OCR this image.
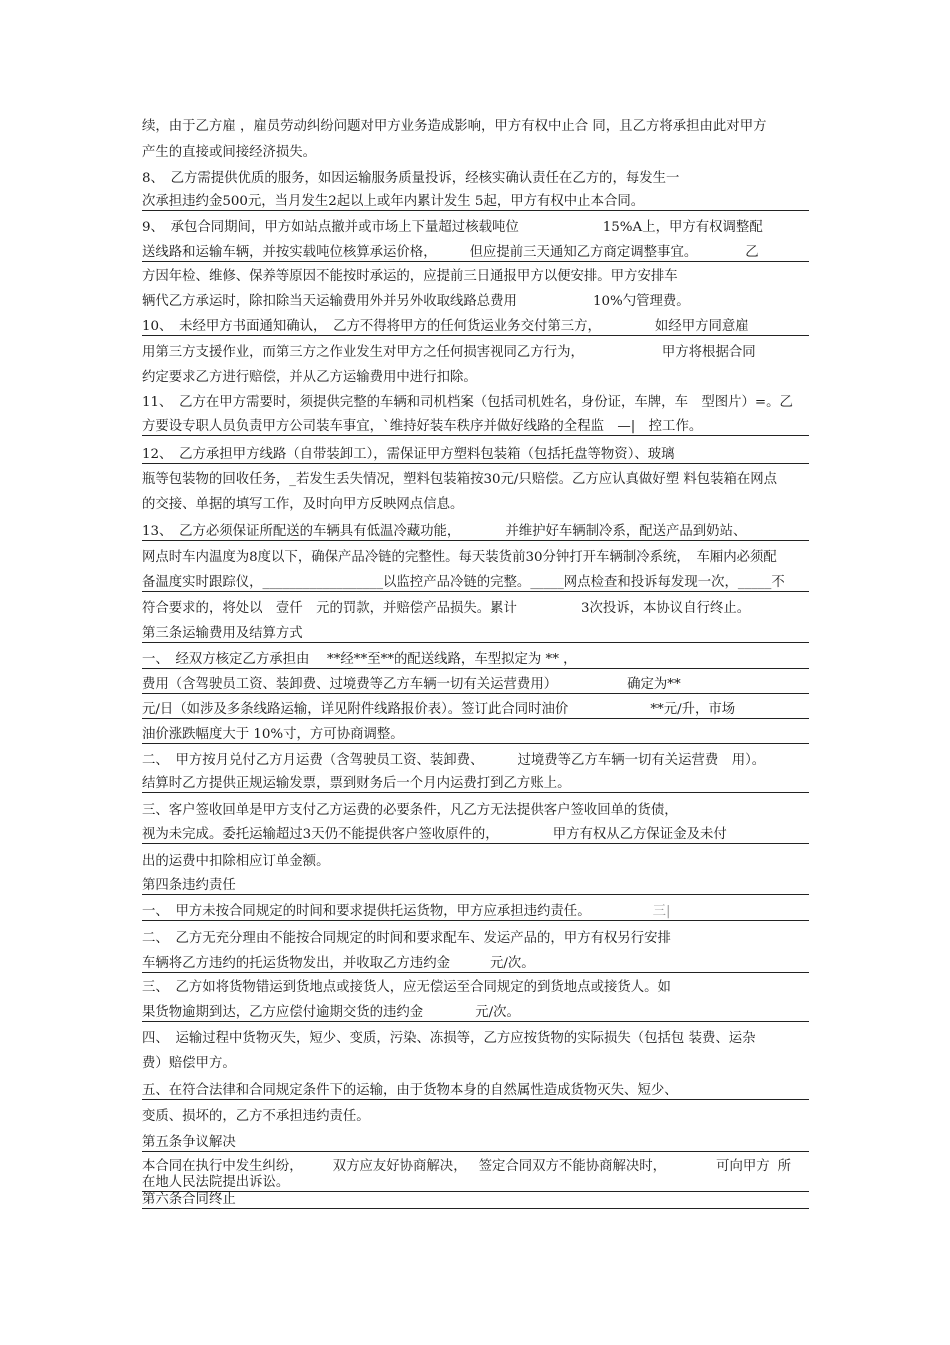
续，由于乙方雇 ，雇员劳动纠纷问题对甲方业务造成影响，甲方有权中止合 同，且乙方将承担由此对甲方
产生的直接或间接经济损失。
8、　乙方需提供优质的服务，如因运输服务质量投诉，经核实确认责任在乙方的，每发生一
次承担违约金500元，当月发生2起以上或年内累计发生 5起，甲方有权中止本合同。
9、　承包合同期间，甲方如站点撤并或市场上下量超过核载吨位	15%A上，甲方有权调整配
送线路和运输车辆，并按实载吨位核算承运价格， 但应提前三天通知乙方商定调整事宜。	乙
方因年检、维修、保养等原因不能按时承运的，应提前三日通报甲方以便安排。甲方安排车
辆代乙方承运时，除扣除当天运输费用外并另外收取线路总费用	10%勺管理费。
10、　未经甲方书面通知确认，　乙方不得将甲方的任何货运业务交付第三方，	如经甲方同意雇
用第三方支援作业，而第三方之作业发生对甲方之任何损害视同乙方行为，	甲方将根据合同
约定要求乙方进行赔偿，并从乙方运输费用中进行扣除。
11、　乙方在甲方需要时，须提供完整的车辆和司机档案（包括司机姓名，身份证，车牌，车　型图片）=。乙
方要设专职人员负责甲方公司装车事宜，`维持好装车秩序并做好线路的全程监　—|　控工作。
12、　乙方承担甲方线路（自带装卸工），需保证甲方塑料包装箱（包括托盘等物资）、玻璃
瓶等包装物的回收任务，_若发生丢失情况，塑料包装箱按30元/只赔偿。乙方应认真做好塑 料包装箱在网点
的交接、单据的填写工作，及时向甲方反映网点信息。
13、　乙方必须保证所配送的车辆具有低温冷藏功能，	并维护好车辆制冷系，配送产品到奶站、
网点时车内温度为8度以下，确保产品冷链的完整性。每天装货前30分钟打开车辆制冷系统，　车厢内必须配
备温度实时跟踪仪，__________________以监控产品冷链的完整。_____网点检查和投诉每发现一次，_____不
符合要求的，将处以　壹仟　元的罚款，并赔偿产品损失。累计	3次投诉，本协议自行终止。
第三条运输费用及结算方式
一、　经双方核定乙方承担由　 **经**至**的配送线路，车型拟定为 ** ，
费用（含驾驶员工资、装卸费、过境费等乙方车辆一切有关运营费用）	确定为**
元/日（如涉及多条线路运输，详见附件线路报价表）。签订此合同时油价	**元/升，市场
油价涨跌幅度大于 10%寸，方可协商调整。
二、　甲方按月兑付乙方月运费（含驾驶员工资、装卸费、	过境费等乙方车辆一切有关运营费　用）。
结算时乙方提供正规运输发票，票到财务后一个月内运费打到乙方账上。
三、客户签收回单是甲方支付乙方运费的必要条件，凡乙方无法提供客户签收回单的货债，
视为未完成。委托运输超过3天仍不能提供客户签收原件的，	甲方有权从乙方保证金及未付
出的运费中扣除相应订单金额。
第四条违约责任
一、　甲方未按合同规定的时间和要求提供托运货物，甲方应承担违约责任。	三|
二、　乙方无充分理由不能按合同规定的时间和要求配车、发运产品的，甲方有权另行安排
车辆将乙方违约的托运货物发出，并收取乙方违约金	元/次。
三、　乙方如将货物错运到货地点或接货人，应无偿运至合同规定的到货地点或接货人。如
果货物逾期到达，乙方应偿付逾期交货的违约金	元/次。
四、　运输过程中货物灭失，短少、变质，污染、冻损等，乙方应按货物的实际损失（包括包 装费、运杂
费）赔偿甲方。
五、在符合法律和合同规定条件下的运输，由于货物本身的自然属性造成货物灭失、短少、
变质、损坏的，乙方不承担违约责任。
第五条争议解决
本合同在执行中发生纠纷， 双方应友好协商解决， 签定合同双方不能协商解决时，	可向甲方 所
在地人民法院提出诉讼。
第六条合同终止
